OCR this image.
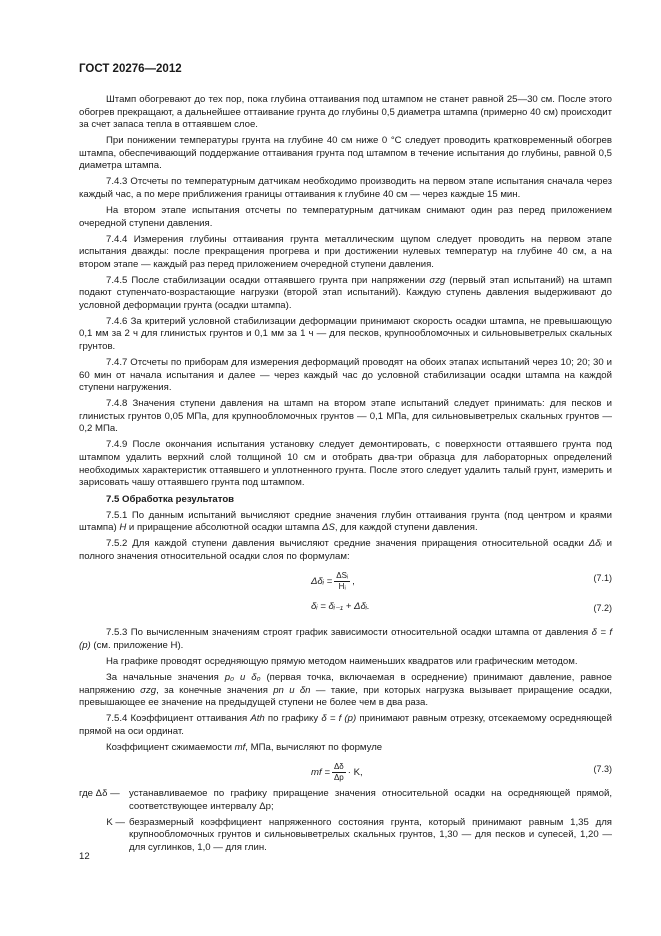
ГОСТ 20276—2012

Штамп обогревают до тех пор, пока глубина оттаивания под штампом не станет равной 25—30 см. После этого обогрев прекращают, а дальнейшее оттаивание грунта до глубины 0,5 диаметра штампа (примерно 40 см) происходит за счет запаса тепла в оттаявшем слое.

При понижении температуры грунта на глубине 40 см ниже 0 °С следует проводить кратковременный обогрев штампа, обеспечивающий поддержание оттаивания грунта под штампом в течение испытания до глубины, равной 0,5 диаметра штампа.

7.4.3 Отсчеты по температурным датчикам необходимо производить на первом этапе испытания сначала через каждый час, а по мере приближения границы оттаивания к глубине 40 см — через каждые 15 мин.

На втором этапе испытания отсчеты по температурным датчикам снимают один раз перед приложением очередной ступени давления.

7.4.4 Измерения глубины оттаивания грунта металлическим щупом следует проводить на первом этапе испытания дважды: после прекращения прогрева и при достижении нулевых температур на глубине 40 см, а на втором этапе — каждый раз перед приложением очередной ступени давления.

7.4.5 После стабилизации осадки оттаявшего грунта при напряжении σzg (первый этап испытаний) на штамп подают ступенчато-возрастающие нагрузки (второй этап испытаний). Каждую ступень давления выдерживают до условной деформации грунта (осадки штампа).

7.4.6 За критерий условной стабилизации деформации принимают скорость осадки штампа, не превышающую 0,1 мм за 2 ч для глинистых грунтов и 0,1 мм за 1 ч — для песков, крупнообломочных и сильновыветрелых скальных грунтов.

7.4.7 Отсчеты по приборам для измерения деформаций проводят на обоих этапах испытаний через 10; 20; 30 и 60 мин от начала испытания и далее — через каждый час до условной стабилизации осадки штампа на каждой ступени нагружения.

7.4.8 Значения ступени давления на штамп на втором этапе испытаний следует принимать: для песков и глинистых грунтов 0,05 МПа, для крупнообломочных грунтов — 0,1 МПа, для сильновыветрелых скальных грунтов — 0,2 МПа.

7.4.9 После окончания испытания установку следует демонтировать, с поверхности оттаявшего грунта под штампом удалить верхний слой толщиной 10 см и отобрать два-три образца для лабораторных определений необходимых характеристик оттаявшего и уплотненного грунта. После этого следует удалить талый грунт, измерить и зарисовать чашу оттаявшего грунта под штампом.

7.5 Обработка результатов

7.5.1 По данным испытаний вычисляют средние значения глубин оттаивания грунта (под центром и краями штампа) H и приращение абсолютной осадки штампа ΔS, для каждой ступени давления.

7.5.2 Для каждой ступени давления вычисляют средние значения приращения относительной осадки Δδᵢ и полного значения относительной осадки слоя по формулам:

Δδᵢ =
ΔSᵢ
Hᵢ ,	(7.1)
δᵢ = δᵢ₋₁ + Δδᵢ.	(7.2)

7.5.3 По вычисленным значениям строят график зависимости относительной осадки штампа от давления δ = f (p) (см. приложение Н).

На графике проводят осредняющую прямую методом наименьших квадратов или графическим методом.

За начальные значения p₀ и δ₀ (первая точка, включаемая в осреднение) принимают давление, равное напряжению σzg, за конечные значения pn и δn — такие, при которых нагрузка вызывает приращение осадки, превышающее ее значение на предыдущей ступени не более чем в два раза.

7.5.4 Коэффициент оттаивания Ath по графику δ = f (p) принимают равным отрезку, отсекаемому осредняющей прямой на оси ординат.

Коэффициент сжимаемости mf, МПа, вычисляют по формуле

mf = $\frac{\Delta\delta}{\Delta p} \cdot K$,	(7.3)
где Δδ — устанавливаемое по графику приращение значения относительной осадки на осредняющей прямой, соответствующее интервалу Δp;
K — безразмерный коэффициент напряженного состояния грунта, который принимают равным 1,35 для крупнообломочных грунтов и сильновыветрелых скальных грунтов, 1,30 — для песков и супесей, 1,20 — для суглинков, 1,0 — для глин.
12
